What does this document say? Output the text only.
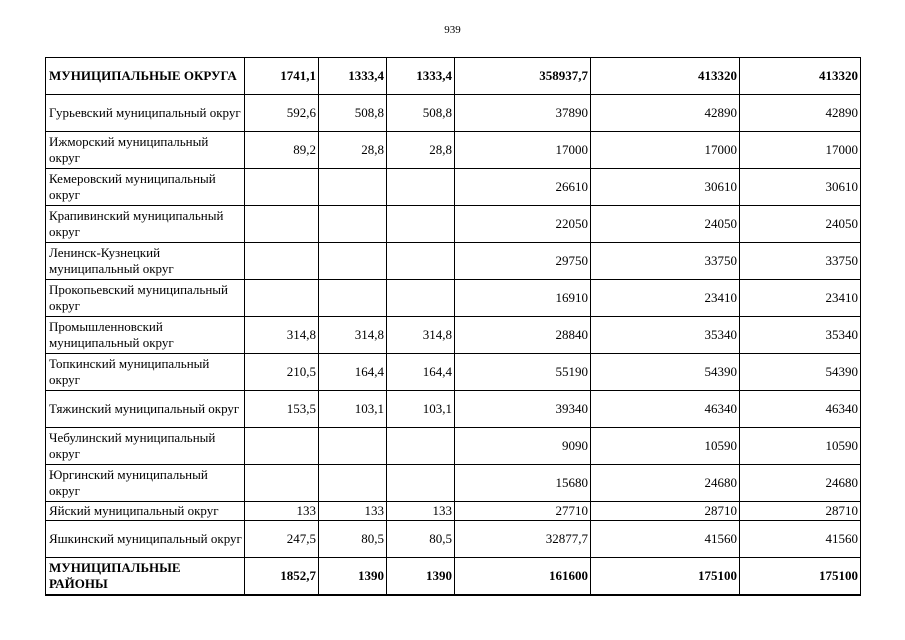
939
МУНИЦИПАЛЬНЫЕ ОКРУГА	1741,1	1333,4	1333,4	358937,7	413320	413320
Гурьевский муниципальный округ	592,6	508,8	508,8	37890	42890	42890
Ижморский муниципальный округ	89,2	28,8	28,8	17000	17000	17000
Кемеровский муниципальный округ				26610	30610	30610
Крапивинский муниципальный округ				22050	24050	24050
Ленинск-Кузнецкий муниципальный округ				29750	33750	33750
Прокопьевский муниципальный округ				16910	23410	23410
Промышленновский муниципальный округ	314,8	314,8	314,8	28840	35340	35340
Топкинский муниципальный округ	210,5	164,4	164,4	55190	54390	54390
Тяжинский муниципальный округ	153,5	103,1	103,1	39340	46340	46340
Чебулинский муниципальный округ				9090	10590	10590
Юргинский муниципальный округ				15680	24680	24680
Яйский муниципальный округ	133	133	133	27710	28710	28710
Яшкинский муниципальный округ	247,5	80,5	80,5	32877,7	41560	41560
МУНИЦИПАЛЬНЫЕ РАЙОНЫ	1852,7	1390	1390	161600	175100	175100
